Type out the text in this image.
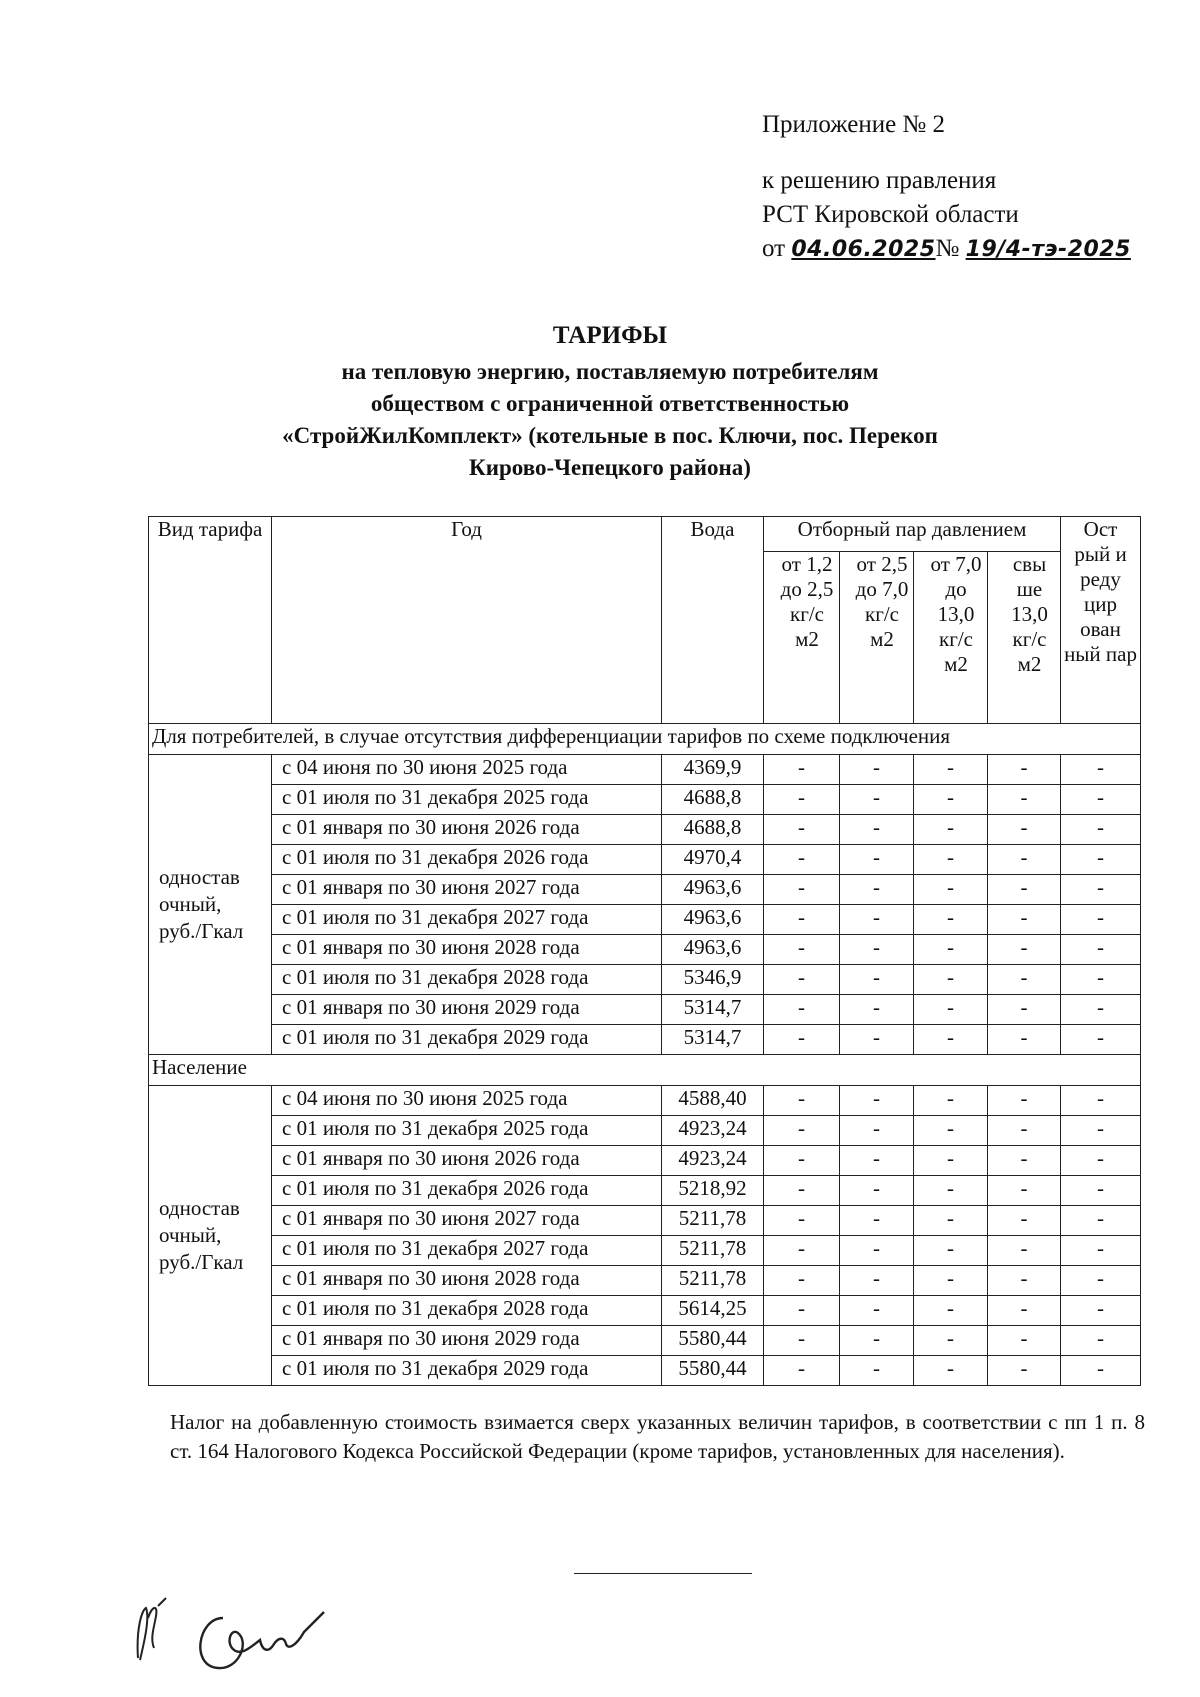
Приложение № 2
к решению правления
РСТ Кировской области
от 04.06.2025№ 19/4-тэ-2025
ТАРИФЫ
на тепловую энергию, поставляемую потребителям
обществом с ограниченной ответственностью
«СтройЖилКомплект» (котельные в пос. Ключи, пос. Перекоп
Кирово-Чепецкого района)
Вид тарифа	Год	Вода	Отборный пар давлением				Ост рый и реду цир ован ный пар
			от 1,2 до 2,5 кг/с м2	от 2,5 до 7,0 кг/с м2	от 7,0 до 13,0 кг/с м2	свы ше 13,0 кг/с м2	
Для потребителей, в случае отсутствия дифференциации тарифов по схеме подключения							
одностав очный, руб./Гкал	с 04 июня по 30 июня 2025 года	4369,9	-	-	-	-	-
	с 01 июля по 31 декабря 2025 года	4688,8	-	-	-	-	-
	с 01 января по 30 июня 2026 года	4688,8	-	-	-	-	-
	с 01 июля по 31 декабря 2026 года	4970,4	-	-	-	-	-
	с 01 января по 30 июня 2027 года	4963,6	-	-	-	-	-
	с 01 июля по 31 декабря 2027 года	4963,6	-	-	-	-	-
	с 01 января по 30 июня 2028 года	4963,6	-	-	-	-	-
	с 01 июля по 31 декабря 2028 года	5346,9	-	-	-	-	-
	с 01 января по 30 июня 2029 года	5314,7	-	-	-	-	-
	с 01 июля по 31 декабря 2029 года	5314,7	-	-	-	-	-
Население							
одностав очный, руб./Гкал	с 04 июня по 30 июня 2025 года	4588,40	-	-	-	-	-
	с 01 июля по 31 декабря 2025 года	4923,24	-	-	-	-	-
	с 01 января по 30 июня 2026 года	4923,24	-	-	-	-	-
	с 01 июля по 31 декабря 2026 года	5218,92	-	-	-	-	-
	с 01 января по 30 июня 2027 года	5211,78	-	-	-	-	-
	с 01 июля по 31 декабря 2027 года	5211,78	-	-	-	-	-
	с 01 января по 30 июня 2028 года	5211,78	-	-	-	-	-
	с 01 июля по 31 декабря 2028 года	5614,25	-	-	-	-	-
	с 01 января по 30 июня 2029 года	5580,44	-	-	-	-	-
	с 01 июля по 31 декабря 2029 года	5580,44	-	-	-	-	-
Налог на добавленную стоимость взимается сверх указанных величин тарифов, в соответствии с пп 1 п. 8 ст. 164 Налогового Кодекса Российской Федерации (кроме тарифов, установленных для населения).
